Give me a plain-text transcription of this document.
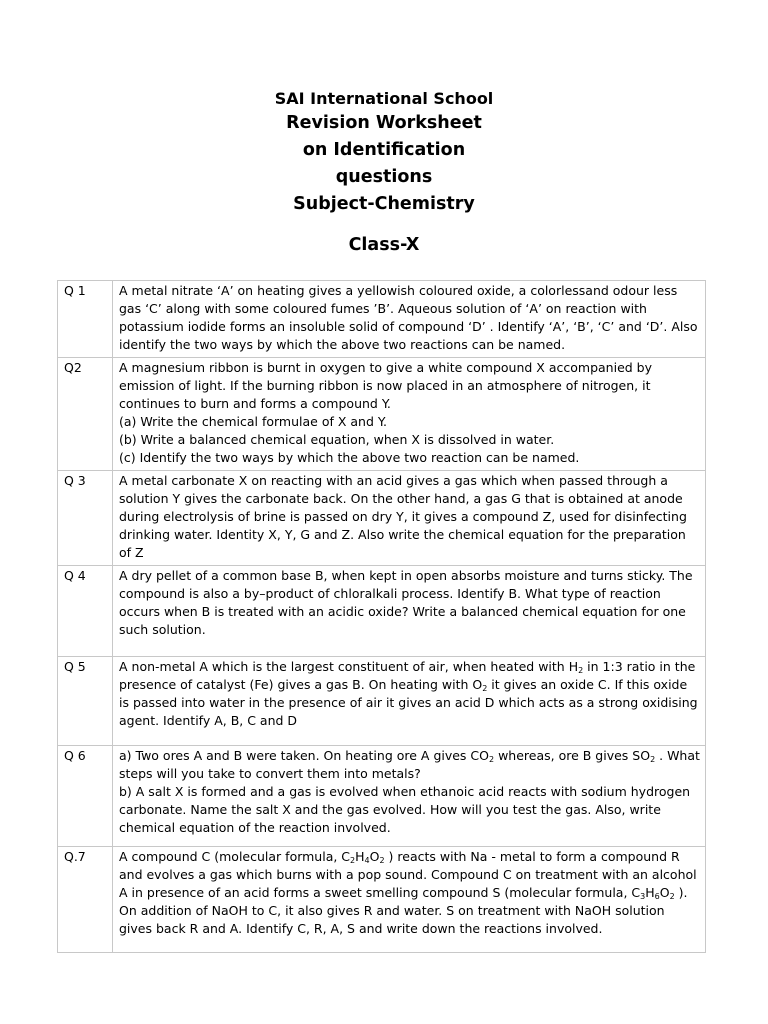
SAI International School
Revision Worksheet
on Identification
questions
Subject-Chemistry
Class-X
Q 1	A metal nitrate ‘A’ on heating gives a yellowish coloured oxide, a colorlessand odour less gas ‘C’ along with some coloured fumes ’B’. Aqueous solution of ‘A’ on reaction with potassium iodide forms an insoluble solid of compound ‘D’ . Identify ‘A’, ‘B’, ‘C’ and ‘D’. Also identify the two ways by which the above two reactions can be named.
Q2	A magnesium ribbon is burnt in oxygen to give a white compound X accompanied by emission of light. If the burning ribbon is now placed in an atmosphere of nitrogen, it continues to burn and forms a compound Y.
(a) Write the chemical formulae of X and Y.
(b) Write a balanced chemical equation, when X is dissolved in water.
(c) Identify the two ways by which the above two reaction can be named.

Q 3	A metal carbonate X on reacting with an acid gives a gas which when passed through a solution Y gives the carbonate back. On the other hand, a gas G that is obtained at anode during electrolysis of brine is passed on dry Y, it gives a compound Z, used for disinfecting drinking water. Identity X, Y, G and Z. Also write the chemical equation for the preparation of Z
Q 4	A dry pellet of a common base B, when kept in open absorbs moisture and turns sticky. The compound is also a by–product of chloralkali process. Identify B. What type of reaction occurs when B is treated with an acidic oxide? Write a balanced chemical equation for one such solution.
Q 5	A non-metal A which is the largest constituent of air, when heated with $H_2$ in 1:3 ratio in the presence of catalyst (Fe) gives a gas B. On heating with $O_2$ it gives an oxide C. If this oxide is passed into water in the presence of air it gives an acid D which acts as a strong oxidising agent. Identify A, B, C and D
Q 6	a) Two ores A and B were taken. On heating ore A gives $CO_2$ whereas, ore B gives $SO_2$ . What steps will you take to convert them into metals?
b) A salt X is formed and a gas is evolved when ethanoic acid reacts with sodium hydrogen carbonate. Name the salt X and the gas evolved. How will you test the gas. Also, write chemical equation of the reaction involved.

Q.7	A compound C (molecular formula, $C_2H_4O_2$ ) reacts with Na - metal to form a compound R and evolves a gas which burns with a pop sound. Compound C on treatment with an alcohol A in presence of an acid forms a sweet smelling compound S (molecular formula, $C_3H_6O_2$ ). On addition of NaOH to C, it also gives R and water. S on treatment with NaOH solution gives back R and A. Identify C, R, A, S and write down the reactions involved.
